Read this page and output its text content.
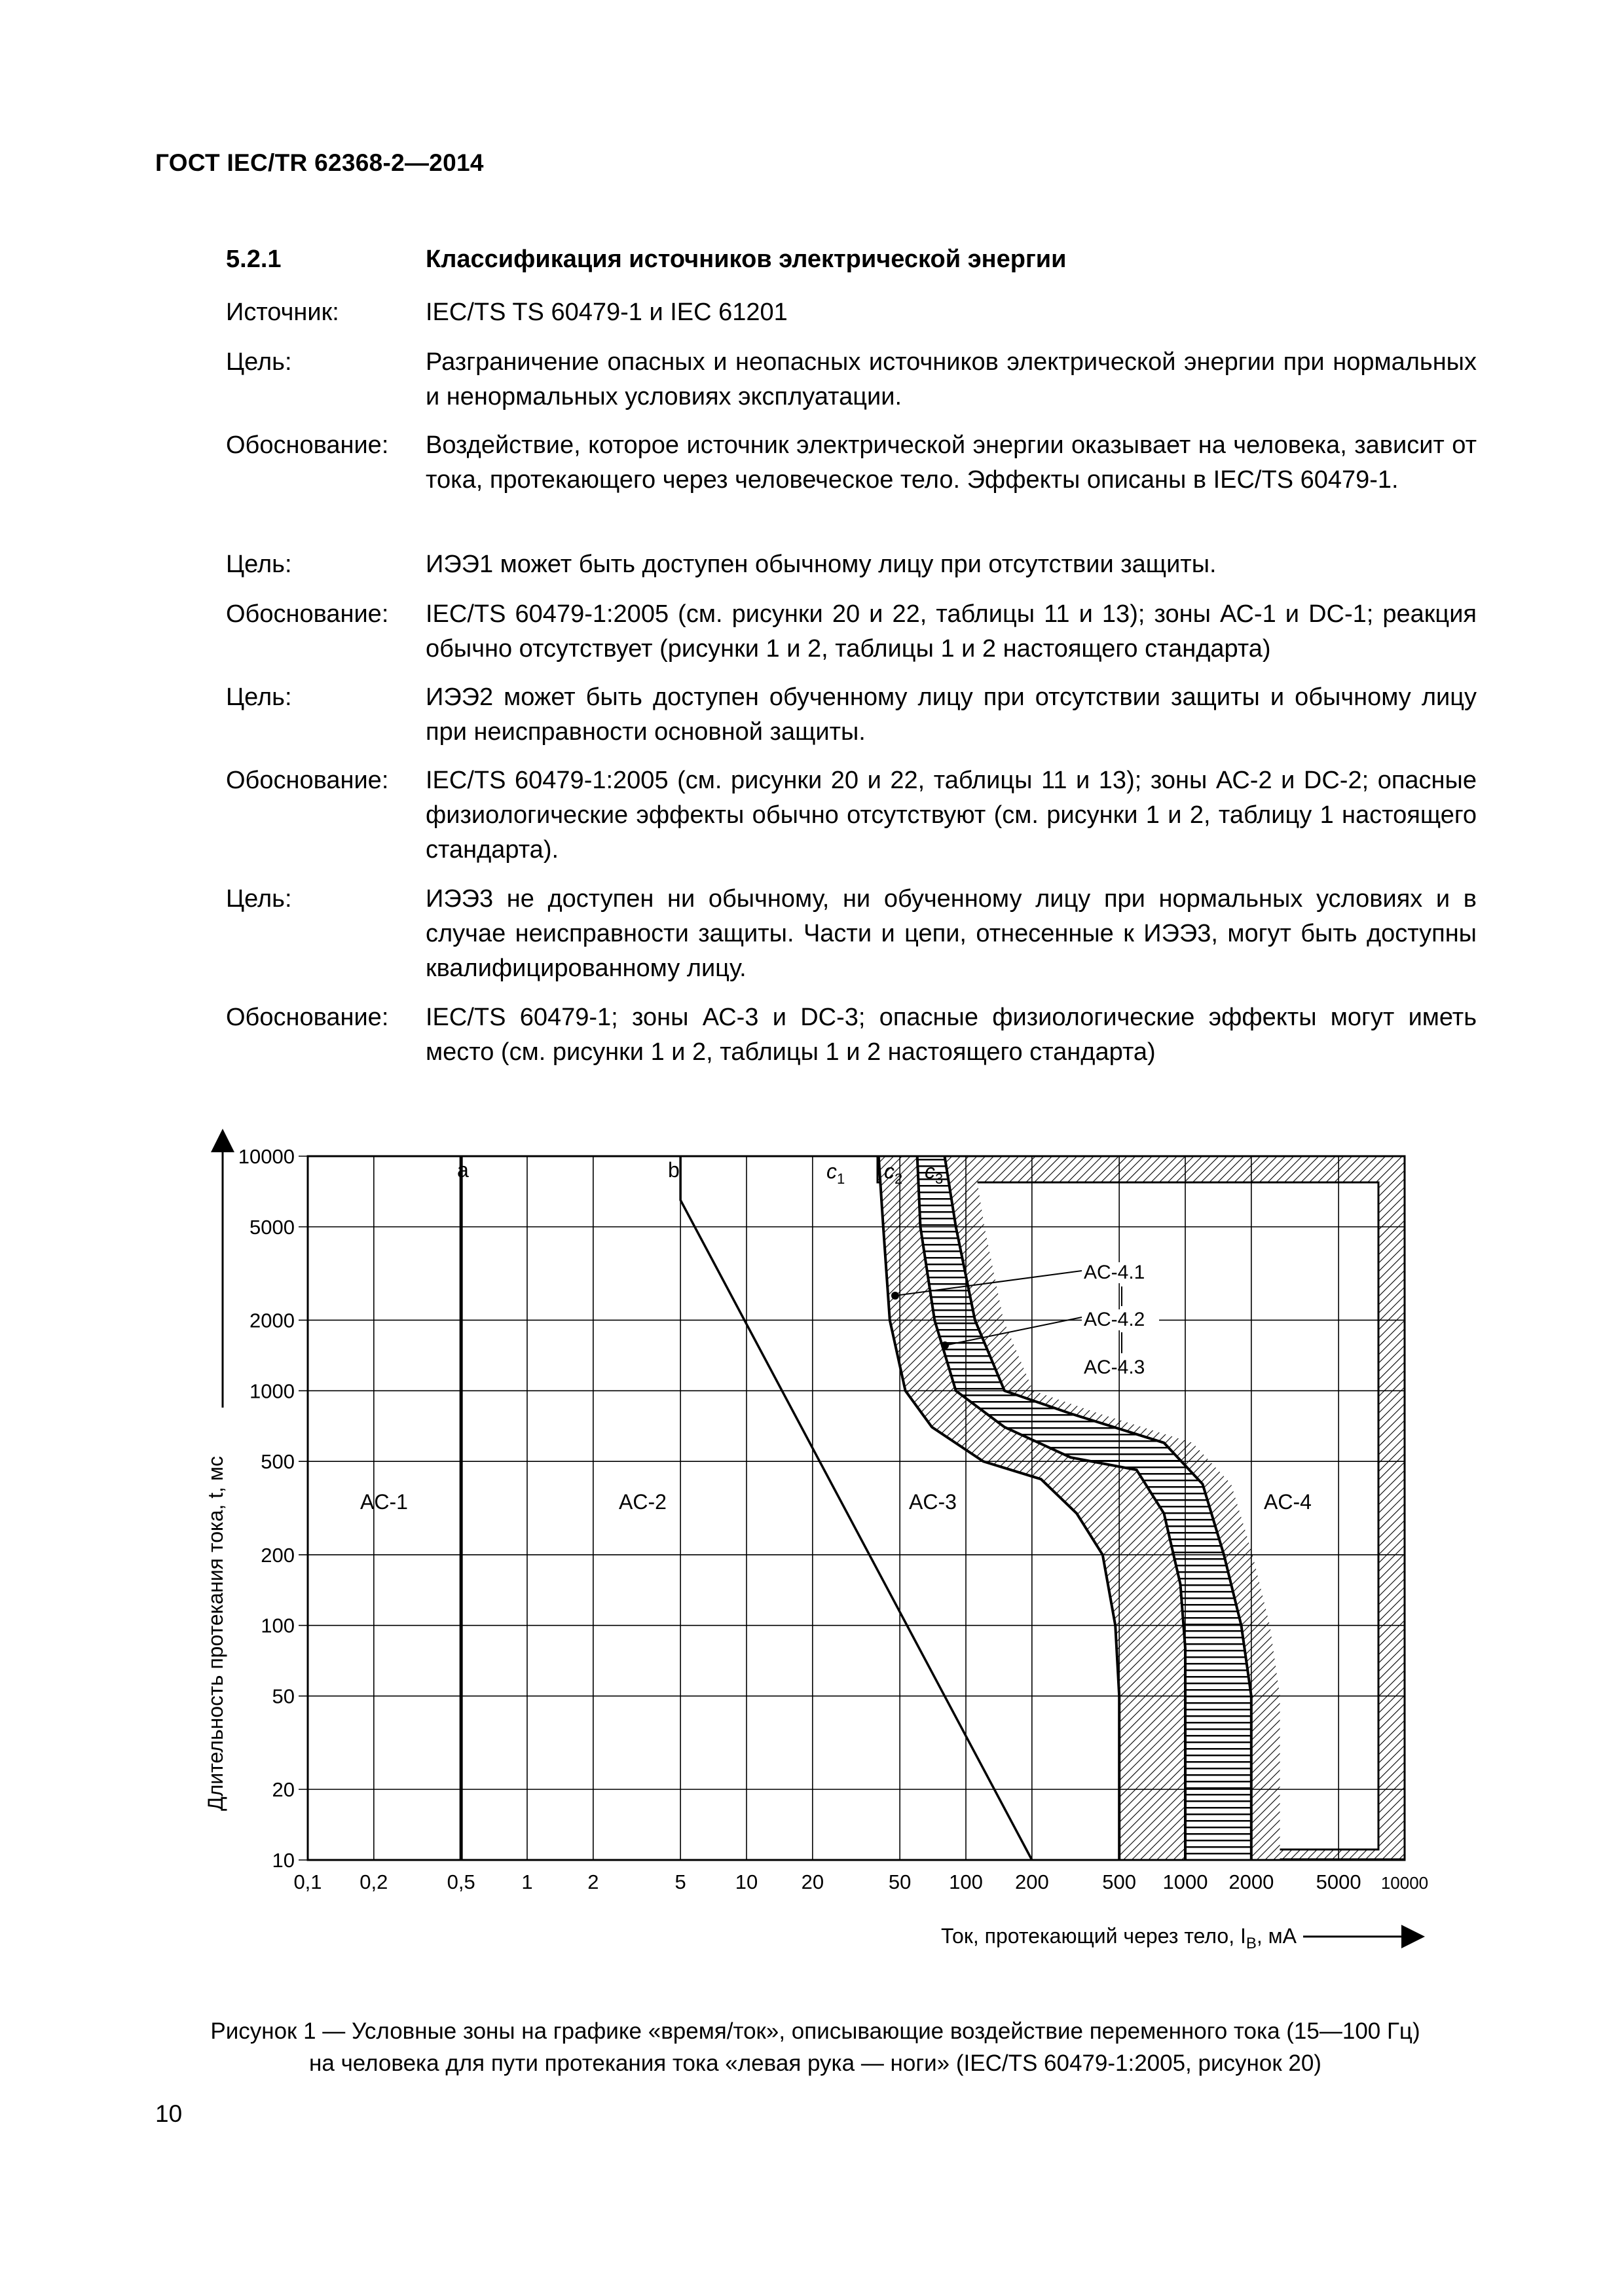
ГОСТ IEC/TR 62368-2—2014
5.2.1	Классификация источников электрической энергии
Источник:	IEC/TS TS 60479-1 и IEC 61201
Цель:	Разграничение опасных и неопасных источников электрической энергии при нормальных и ненормальных условиях эксплуатации.
Обоснование:	Воздействие, которое источник электрической энергии оказывает на человека, зависит от тока, протекающего через человеческое тело. Эффекты описаны в IEC/TS 60479-1.
Цель:	ИЭЭ1 может быть доступен обычному лицу при отсутствии защиты.
Обоснование:	IEC/TS 60479-1:2005 (см. рисунки 20 и 22, таблицы 11 и 13); зоны АС-1 и DC-1; реакция обычно отсутствует (рисунки 1 и 2, таблицы 1 и 2 настоящего стандарта)
Цель:	ИЭЭ2 может быть доступен обученному лицу при отсутствии защиты и обычному лицу при неисправности основной защиты.
Обоснование:	IEC/TS 60479-1:2005 (см. рисунки 20 и 22, таблицы 11 и 13); зоны АС-2 и DC-2; опасные физиологические эффекты обычно отсутствуют (см. рисунки 1 и 2, таблицу 1 настоящего стандарта).
Цель:	ИЭЭ3 не доступен ни обычному, ни обученному лицу при нормальных условиях и в случае неисправности защиты. Части и цепи, отнесенные к ИЭЭ3, могут быть доступны квалифицированному лицу.
Обоснование:	IEC/TS 60479-1; зоны АС-3 и DC-3; опасные физиологические эффекты могут иметь место (см. рисунки 1 и 2, таблицы 1 и 2 настоящего стандарта)
Длительность протекания тока, t, мс
10000
5000
2000
1000
500
200
100
50
20
10
0,1 0,2	0,5 1	2	5 10 20	50 100 200	500 1000 2000 5000 10000
Ток, протекающий через тело, $I_B$, мА
a	b	$c_1$ $c_2$ $c_3$
AC-1	AC-2	AC-3	AC-4
AC-4.1
AC-4.2
AC-4.3
Рисунок 1 — Условные зоны на графике «время/ток», описывающие воздействие переменного тока (15—100 Гц)
на человека для пути протекания тока «левая рука — ноги» (IEC/TS 60479-1:2005, рисунок 20)
10
